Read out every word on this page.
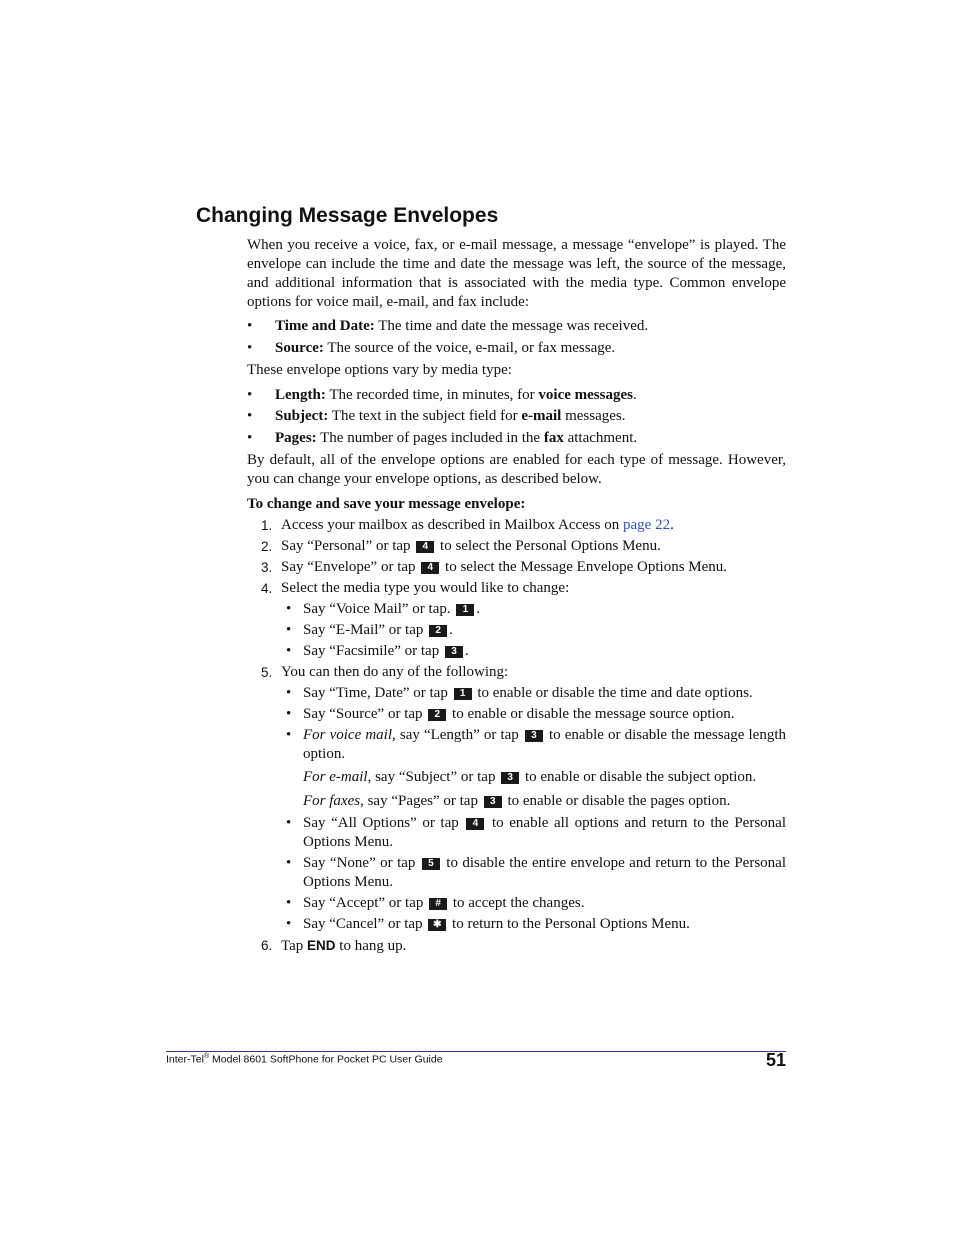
Changing Message Envelopes

When you receive a voice, fax, or e-mail message, a message “envelope” is played. The envelope can include the time and date the message was left, the source of the message, and additional information that is associated with the media type. Common envelope options for voice mail, e-mail, and fax include:

• Time and Date: The time and date the message was received.
• Source: The source of the voice, e-mail, or fax message.

These envelope options vary by media type:

• Length: The recorded time, in minutes, for voice messages.
• Subject: The text in the subject field for e-mail messages.
• Pages: The number of pages included in the fax attachment.

By default, all of the envelope options are enabled for each type of message. However, you can change your envelope options, as described below.

To change and save your message envelope:

1. Access your mailbox as described in Mailbox Access on page 22.
2. Say “Personal” or tap 4 to select the Personal Options Menu.
3. Say “Envelope” or tap 4 to select the Message Envelope Options Menu.
4. Select the media type you would like to change:
• Say “Voice Mail” or tap. 1 .
• Say “E-Mail” or tap 2 .
• Say “Facsimile” or tap 3 .
5. You can then do any of the following:
• Say “Time, Date” or tap 1 to enable or disable the time and date options.
• Say “Source” or tap 2 to enable or disable the message source option.
• For voice mail, say “Length” or tap 3 to enable or disable the message length option.
For e-mail, say “Subject” or tap 3 to enable or disable the subject option.
For faxes, say “Pages” or tap 3 to enable or disable the pages option.
• Say “All Options” or tap 4 to enable all options and return to the Personal Options Menu.
• Say “None” or tap 5 to disable the entire envelope and return to the Personal Options Menu.
• Say “Accept” or tap # to accept the changes.
• Say “Cancel” or tap ✱ to return to the Personal Options Menu.
6. Tap END to hang up.
Inter-Tel® Model 8601 SoftPhone for Pocket PC User Guide	51
